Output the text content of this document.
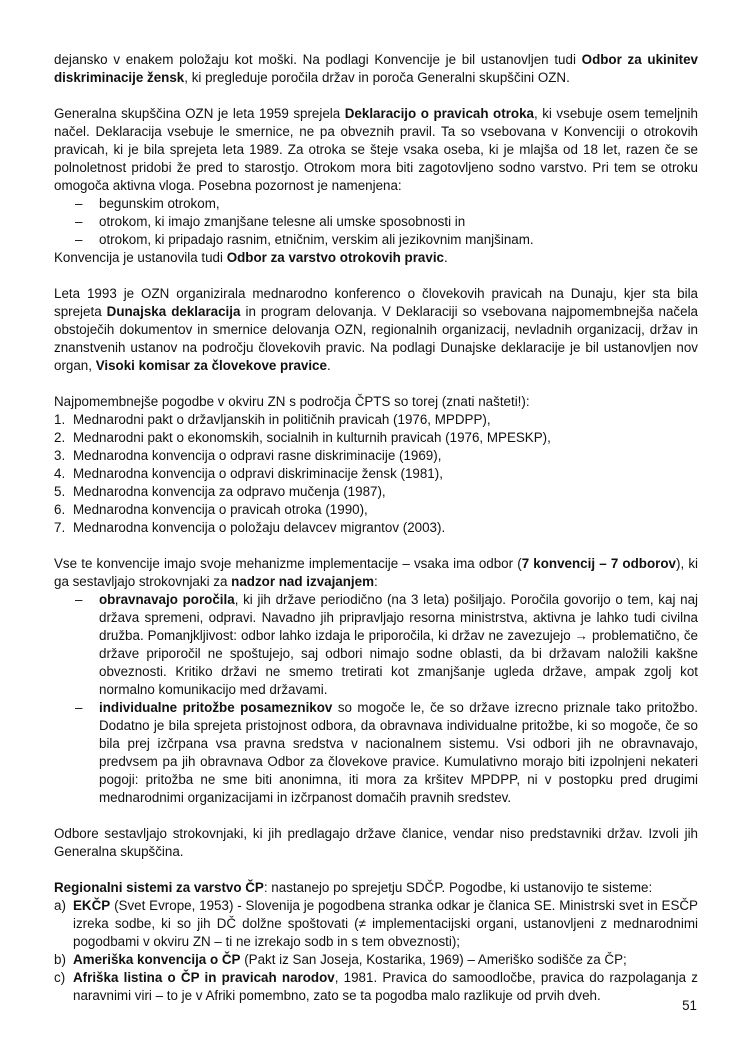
dejansko v enakem položaju kot moški. Na podlagi Konvencije je bil ustanovljen tudi Odbor za ukinitev diskriminacije žensk, ki pregleduje poročila držav in poroča Generalni skupščini OZN.

Generalna skupščina OZN je leta 1959 sprejela Deklaracijo o pravicah otroka, ki vsebuje osem temeljnih načel. Deklaracija vsebuje le smernice, ne pa obveznih pravil. Ta so vsebovana v Konvenciji o otrokovih pravicah, ki je bila sprejeta leta 1989. Za otroka se šteje vsaka oseba, ki je mlajša od 18 let, razen če se polnoletnost pridobi že pred to starostjo. Otrokom mora biti zagotovljeno sodno varstvo. Pri tem se otroku omogoča aktivna vloga. Posebna pozornost je namenjena:

– begunskim otrokom,
– otrokom, ki imajo zmanjšane telesne ali umske sposobnosti in
– otrokom, ki pripadajo rasnim, etničnim, verskim ali jezikovnim manjšinam.

Konvencija je ustanovila tudi Odbor za varstvo otrokovih pravic.

Leta 1993 je OZN organizirala mednarodno konferenco o človekovih pravicah na Dunaju, kjer sta bila sprejeta Dunajska deklaracija in program delovanja. V Deklaraciji so vsebovana najpomembnejša načela obstoječih dokumentov in smernice delovanja OZN, regionalnih organizacij, nevladnih organizacij, držav in znanstvenih ustanov na področju človekovih pravic. Na podlagi Dunajske deklaracije je bil ustanovljen nov organ, Visoki komisar za človekove pravice.

Najpomembnejše pogodbe v okviru ZN s področja ČPTS so torej (znati našteti!):

1. Mednarodni pakt o državljanskih in političnih pravicah (1976, MPDPP),
2. Mednarodni pakt o ekonomskih, socialnih in kulturnih pravicah (1976, MPESKP),
3. Mednarodna konvencija o odpravi rasne diskriminacije (1969),
4. Mednarodna konvencija o odpravi diskriminacije žensk (1981),
5. Mednarodna konvencija za odpravo mučenja (1987),
6. Mednarodna konvencija o pravicah otroka (1990),
7. Mednarodna konvencija o položaju delavcev migrantov (2003).

Vse te konvencije imajo svoje mehanizme implementacije – vsaka ima odbor (7 konvencij – 7 odborov), ki ga sestavljajo strokovnjaki za nadzor nad izvajanjem:

– obravnavajo poročila, ki jih države periodično (na 3 leta) pošiljajo. Poročila govorijo o tem, kaj naj država spremeni, odpravi. Navadno jih pripravljajo resorna ministrstva, aktivna je lahko tudi civilna družba. Pomanjkljivost: odbor lahko izdaja le priporočila, ki držav ne zavezujejo → problematično, če države priporočil ne spoštujejo, saj odbori nimajo sodne oblasti, da bi državam naložili kakšne obveznosti. Kritiko državi ne smemo tretirati kot zmanjšanje ugleda države, ampak zgolj kot normalno komunikacijo med državami.
– individualne pritožbe posameznikov so mogoče le, če so države izrecno priznale tako pritožbo. Dodatno je bila sprejeta pristojnost odbora, da obravnava individualne pritožbe, ki so mogoče, če so bila prej izčrpana vsa pravna sredstva v nacionalnem sistemu. Vsi odbori jih ne obravnavajo, predvsem pa jih obravnava Odbor za človekove pravice. Kumulativno morajo biti izpolnjeni nekateri pogoji: pritožba ne sme biti anonimna, iti mora za kršitev MPDPP, ni v postopku pred drugimi mednarodnimi organizacijami in izčrpanost domačih pravnih sredstev.

Odbore sestavljajo strokovnjaki, ki jih predlagajo države članice, vendar niso predstavniki držav. Izvoli jih Generalna skupščina.

Regionalni sistemi za varstvo ČP: nastanejo po sprejetju SDČP. Pogodbe, ki ustanovijo te sisteme:

a) EKČP (Svet Evrope, 1953) - Slovenija je pogodbena stranka odkar je članica SE. Ministrski svet in ESČP izreka sodbe, ki so jih DČ dolžne spoštovati (≠ implementacijski organi, ustanovljeni z mednarodnimi pogodbami v okviru ZN – ti ne izrekajo sodb in s tem obveznosti);
b) Ameriška konvencija o ČP (Pakt iz San Joseja, Kostarika, 1969) – Ameriško sodišče za ČP;
c) Afriška listina o ČP in pravicah narodov, 1981. Pravica do samoodločbe, pravica do razpolaganja z naravnimi viri – to je v Afriki pomembno, zato se ta pogodba malo razlikuje od prvih dveh.
51
